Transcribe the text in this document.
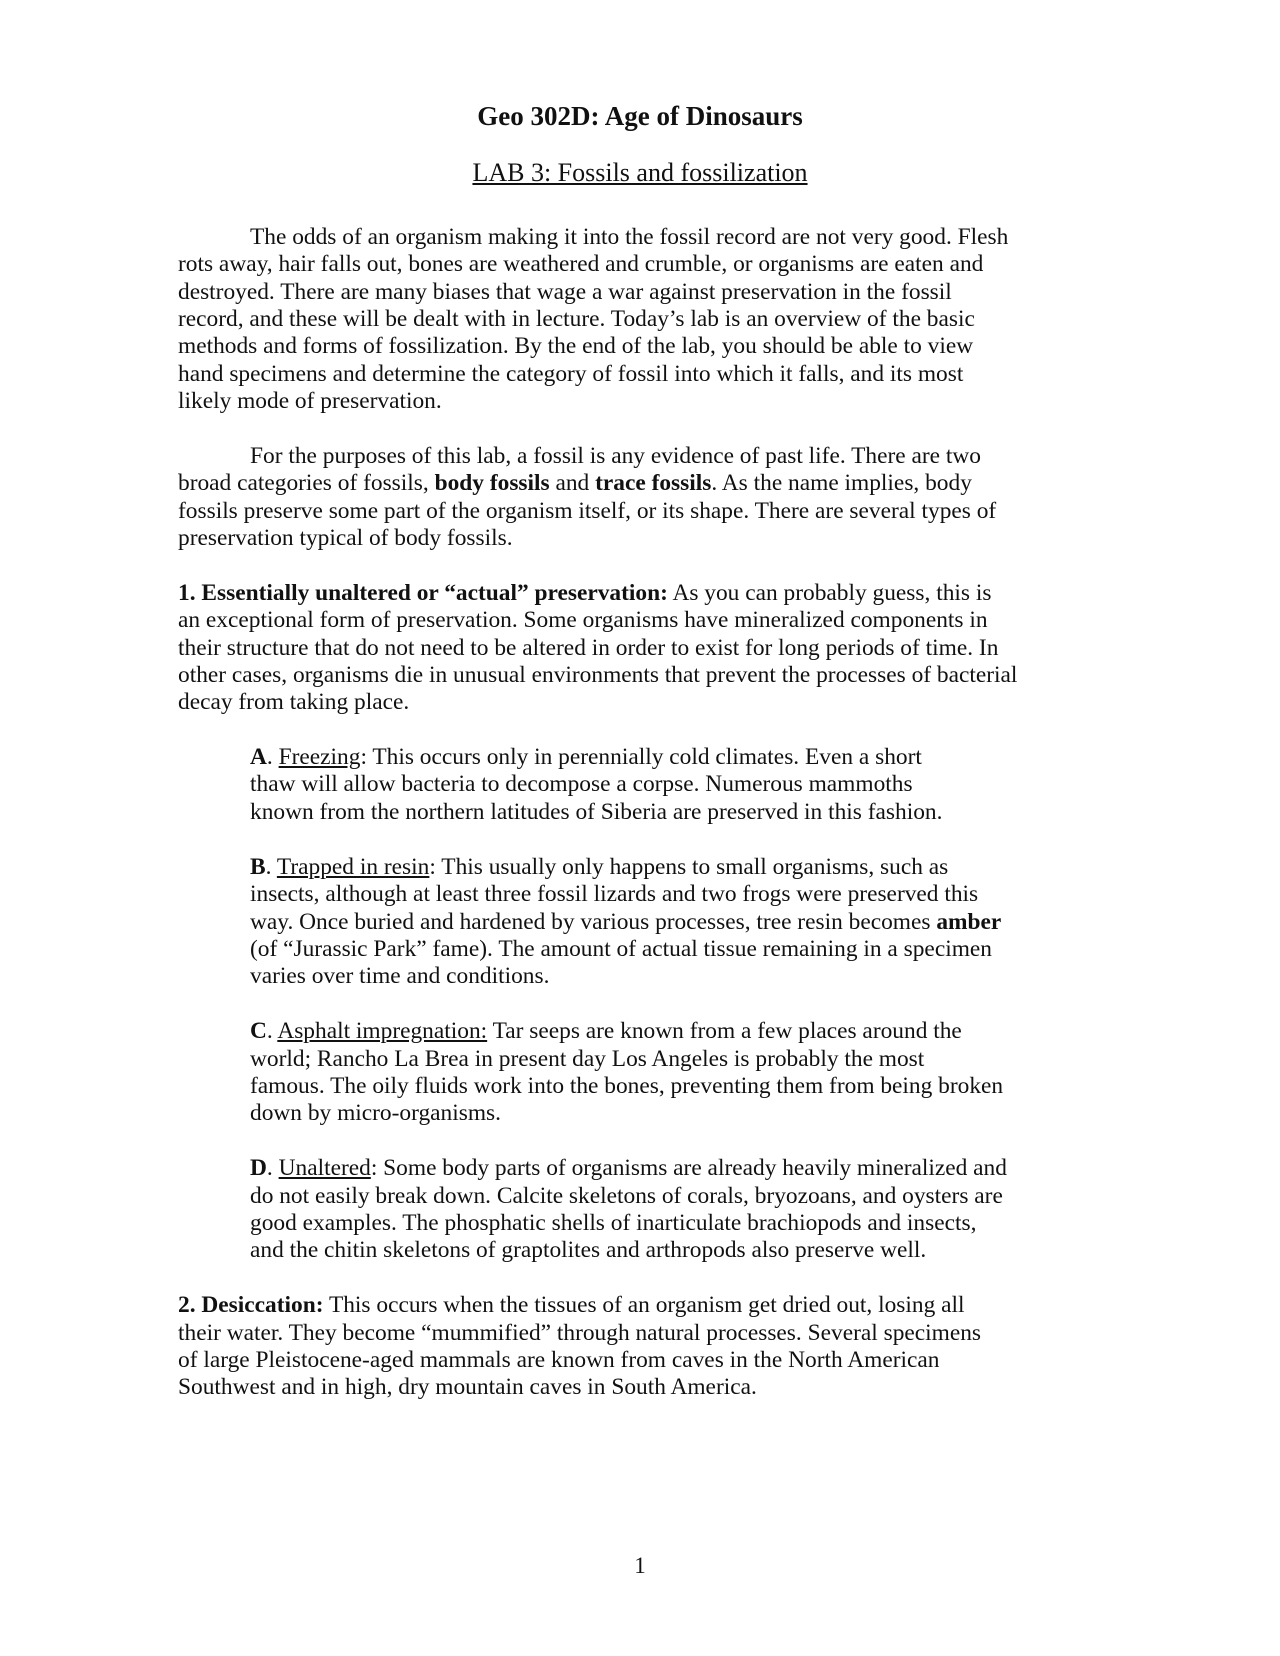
Geo 302D: Age of Dinosaurs
LAB 3: Fossils and fossilization
The odds of an organism making it into the fossil record are not very good. Flesh
rots away, hair falls out, bones are weathered and crumble, or organisms are eaten and
destroyed. There are many biases that wage a war against preservation in the fossil
record, and these will be dealt with in lecture. Today’s lab is an overview of the basic
methods and forms of fossilization. By the end of the lab, you should be able to view
hand specimens and determine the category of fossil into which it falls, and its most
likely mode of preservation.
For the purposes of this lab, a fossil is any evidence of past life. There are two
broad categories of fossils, body fossils and trace fossils. As the name implies, body
fossils preserve some part of the organism itself, or its shape. There are several types of
preservation typical of body fossils.
1. Essentially unaltered or “actual” preservation: As you can probably guess, this is
an exceptional form of preservation. Some organisms have mineralized components in
their structure that do not need to be altered in order to exist for long periods of time. In
other cases, organisms die in unusual environments that prevent the processes of bacterial
decay from taking place.
A. Freezing: This occurs only in perennially cold climates. Even a short
thaw will allow bacteria to decompose a corpse. Numerous mammoths
known from the northern latitudes of Siberia are preserved in this fashion.
B. Trapped in resin: This usually only happens to small organisms, such as
insects, although at least three fossil lizards and two frogs were preserved this
way. Once buried and hardened by various processes, tree resin becomes amber
(of “Jurassic Park” fame). The amount of actual tissue remaining in a specimen
varies over time and conditions.
C. Asphalt impregnation: Tar seeps are known from a few places around the
world; Rancho La Brea in present day Los Angeles is probably the most
famous. The oily fluids work into the bones, preventing them from being broken
down by micro-organisms.
D. Unaltered: Some body parts of organisms are already heavily mineralized and
do not easily break down. Calcite skeletons of corals, bryozoans, and oysters are
good examples. The phosphatic shells of inarticulate brachiopods and insects,
and the chitin skeletons of graptolites and arthropods also preserve well.
2. Desiccation: This occurs when the tissues of an organism get dried out, losing all
their water. They become “mummified” through natural processes. Several specimens
of large Pleistocene-aged mammals are known from caves in the North American
Southwest and in high, dry mountain caves in South America.
1
